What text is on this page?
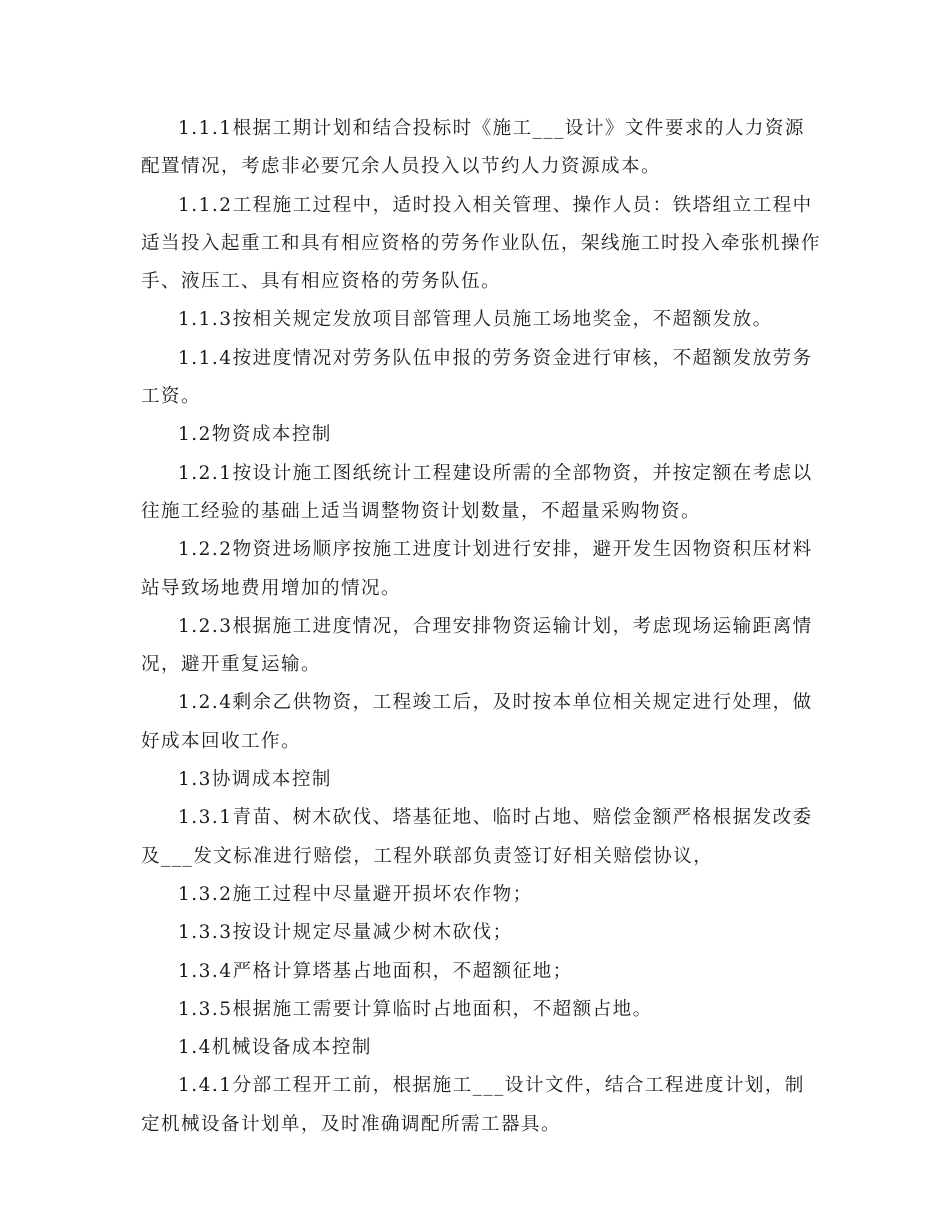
1.1.1根据工期计划和结合投标时《施工___设计》文件要求的人力资源配置情况，考虑非必要冗余人员投入以节约人力资源成本。

1.1.2工程施工过程中，适时投入相关管理、操作人员：铁塔组立工程中适当投入起重工和具有相应资格的劳务作业队伍，架线施工时投入牵张机操作手、液压工、具有相应资格的劳务队伍。

1.1.3按相关规定发放项目部管理人员施工场地奖金，不超额发放。

1.1.4按进度情况对劳务队伍申报的劳务资金进行审核，不超额发放劳务工资。

1.2物资成本控制

1.2.1按设计施工图纸统计工程建设所需的全部物资，并按定额在考虑以往施工经验的基础上适当调整物资计划数量，不超量采购物资。

1.2.2物资进场顺序按施工进度计划进行安排，避开发生因物资积压材料站导致场地费用增加的情况。

1.2.3根据施工进度情况，合理安排物资运输计划，考虑现场运输距离情况，避开重复运输。

1.2.4剩余乙供物资，工程竣工后，及时按本单位相关规定进行处理，做好成本回收工作。

1.3协调成本控制

1.3.1青苗、树木砍伐、塔基征地、临时占地、赔偿金额严格根据发改委及___发文标准进行赔偿，工程外联部负责签订好相关赔偿协议，

1.3.2施工过程中尽量避开损坏农作物；

1.3.3按设计规定尽量减少树木砍伐；

1.3.4严格计算塔基占地面积，不超额征地；

1.3.5根据施工需要计算临时占地面积，不超额占地。

1.4机械设备成本控制

1.4.1分部工程开工前，根据施工___设计文件，结合工程进度计划，制定机械设备计划单，及时准确调配所需工器具。
